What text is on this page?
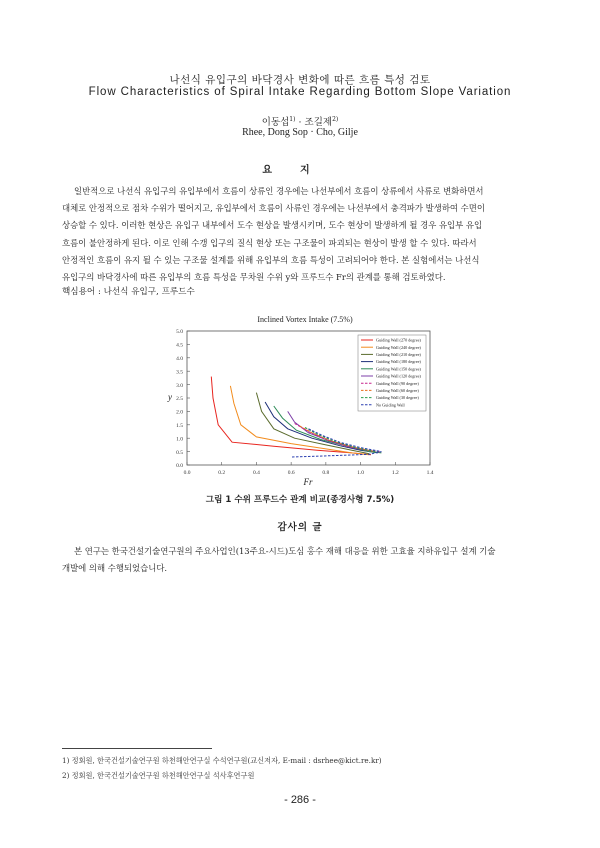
나선식 유입구의 바닥경사 변화에 따른 흐름 특성 검토
Flow Characteristics of Spiral Intake Regarding Bottom Slope Variation
이동섭$^{1)}$ · 조길제$^{2)}$
Rhee, Dong Sop · Cho, Gilje
요지
일반적으로 나선식 유입구의 유입부에서 흐름이 상류인 경우에는 나선부에서 흐름이 상류에서 사류로 변화하면서
대체로 안정적으로 점차 수위가 떨어지고, 유입부에서 흐름이 사류인 경우에는 나선부에서 충격파가 발생하여 수면이
상승할 수 있다. 이러한 현상은 유입구 내부에서 도수 현상을 발생시키며, 도수 현상이 발생하게 될 경우 유입부 유입
흐름이 불안정하게 된다. 이로 인해 수갱 입구의 질식 현상 또는 구조물이 파괴되는 현상이 발생 할 수 있다. 따라서
안정적인 흐름이 유지 될 수 있는 구조물 설계를 위해 유입부의 흐름 특성이 고려되어야 한다. 본 실험에서는 나선식
유입구의 바닥경사에 따른 유입부의 흐름 특성을 무차원 수위 y와 프루드수 Fr의 관계를 통해 검토하였다.
핵심용어 : 나선식 유입구, 프루드수
Inclined Vortex Intake (7.5%)
0.0
0.5
1.0
1.5
2.0
2.5
3.0
3.5
4.0
4.5
5.0
0.0	0.2	0.4	0.6	0.8	1.0	1.2	1.4
Guiding Wall (270 degree)
Guiding Wall (240 degree)
Guiding Wall (210 degree)
Guiding Wall (180 degree)
Guiding Wall (150 degree)
Guiding Wall (120 degree)
Guiding Wall (90 degree)
Guiding Wall (60 degree)
Guiding Wall (30 degree)
No Guiding Wall
y
Fr
그림 1 수위 프루드수 관계 비교(종경사형 7.5%)
감사의 글
본 연구는 한국건설기술연구원의 주요사업인(13주요-시드)도심 홍수 재해 대응을 위한 고효율 지하유입구 설계 기술
개발에 의해 수행되었습니다.
1) 정회원, 한국건설기술연구원 하천해안연구실 수석연구원(교신저자, E-mail : dsrhee@kict.re.kr)
2) 정회원, 한국건설기술연구원 하천해안연구실 석사후연구원
- 286 -
